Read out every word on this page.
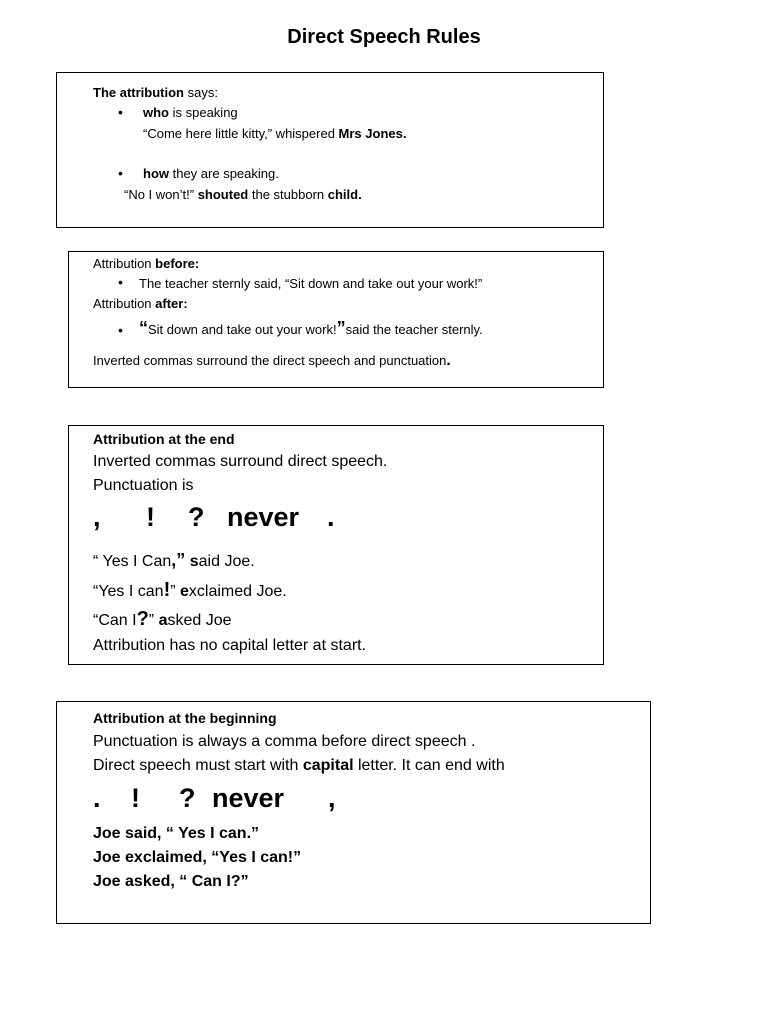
Direct Speech Rules
The attribution says:
• who is speaking
“Come here little kitty,” whispered Mrs Jones.
• how they are speaking.
“No I won’t!” shouted the stubborn child.
Attribution before:
• The teacher sternly said, “Sit down and take out your work!”
Attribution after:
• “Sit down and take out your work!”said the teacher sternly.
Inverted commas surround the direct speech and punctuation.
Attribution at the end
Inverted commas surround direct speech.
Punctuation is
, ! ? never .
“ Yes I Can,” said Joe.
“Yes I can!” exclaimed Joe.
“Can I?” asked Joe
Attribution has no capital letter at start.
Attribution at the beginning
Punctuation is always a comma before direct speech .
Direct speech must start with capital letter. It can end with
. ! ? never ,
Joe said, “ Yes I can.”
Joe exclaimed, “Yes I can!”
Joe asked, “ Can I?”
